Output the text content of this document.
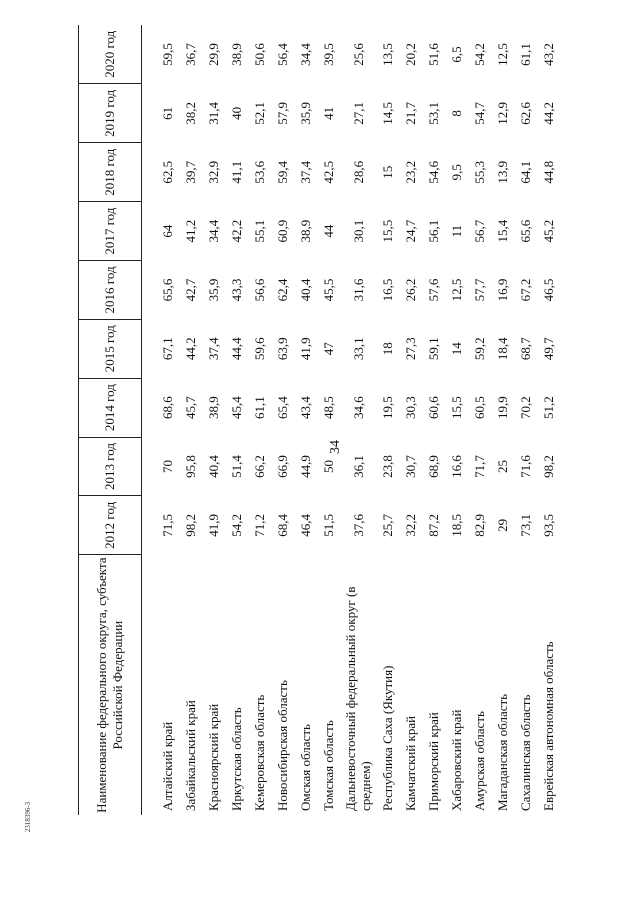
34
2318396-3
Наименование федерального округа, субъекта Российской Федерации	2012 год	2013 год	2014 год	2015 год	2016 год	2017 год	2018 год	2019 год	2020 год

Алтайский край	71,5	70	68,6	67,1	65,6	64	62,5	61	59,5
Забайкальский край	98,2	95,8	45,7	44,2	42,7	41,2	39,7	38,2	36,7
Красноярский край	41,9	40,4	38,9	37,4	35,9	34,4	32,9	31,4	29,9
Иркутская область	54,2	51,4	45,4	44,4	43,3	42,2	41,1	40	38,9
Кемеровская область	71,2	66,2	61,1	59,6	56,6	55,1	53,6	52,1	50,6
Новосибирская область	68,4	66,9	65,4	63,9	62,4	60,9	59,4	57,9	56,4
Омская область	46,4	44,9	43,4	41,9	40,4	38,9	37,4	35,9	34,4
Томская область	51,5	50	48,5	47	45,5	44	42,5	41	39,5
Дальневосточный федеральный округ (в среднем)	37,6	36,1	34,6	33,1	31,6	30,1	28,6	27,1	25,6
Республика Саха (Якутия)	25,7	23,8	19,5	18	16,5	15,5	15	14,5	13,5
Камчатский край	32,2	30,7	30,3	27,3	26,2	24,7	23,2	21,7	20,2
Приморский край	87,2	68,9	60,6	59,1	57,6	56,1	54,6	53,1	51,6
Хабаровский край	18,5	16,6	15,5	14	12,5	11	9,5	8	6,5
Амурская область	82,9	71,7	60,5	59,2	57,7	56,7	55,3	54,7	54,2
Магаданская область	29	25	19,9	18,4	16,9	15,4	13,9	12,9	12,5
Сахалинская область	73,1	71,6	70,2	68,7	67,2	65,6	64,1	62,6	61,1
Еврейская автономная область	93,5	98,2	51,2	49,7	46,5	45,2	44,8	44,2	43,2
